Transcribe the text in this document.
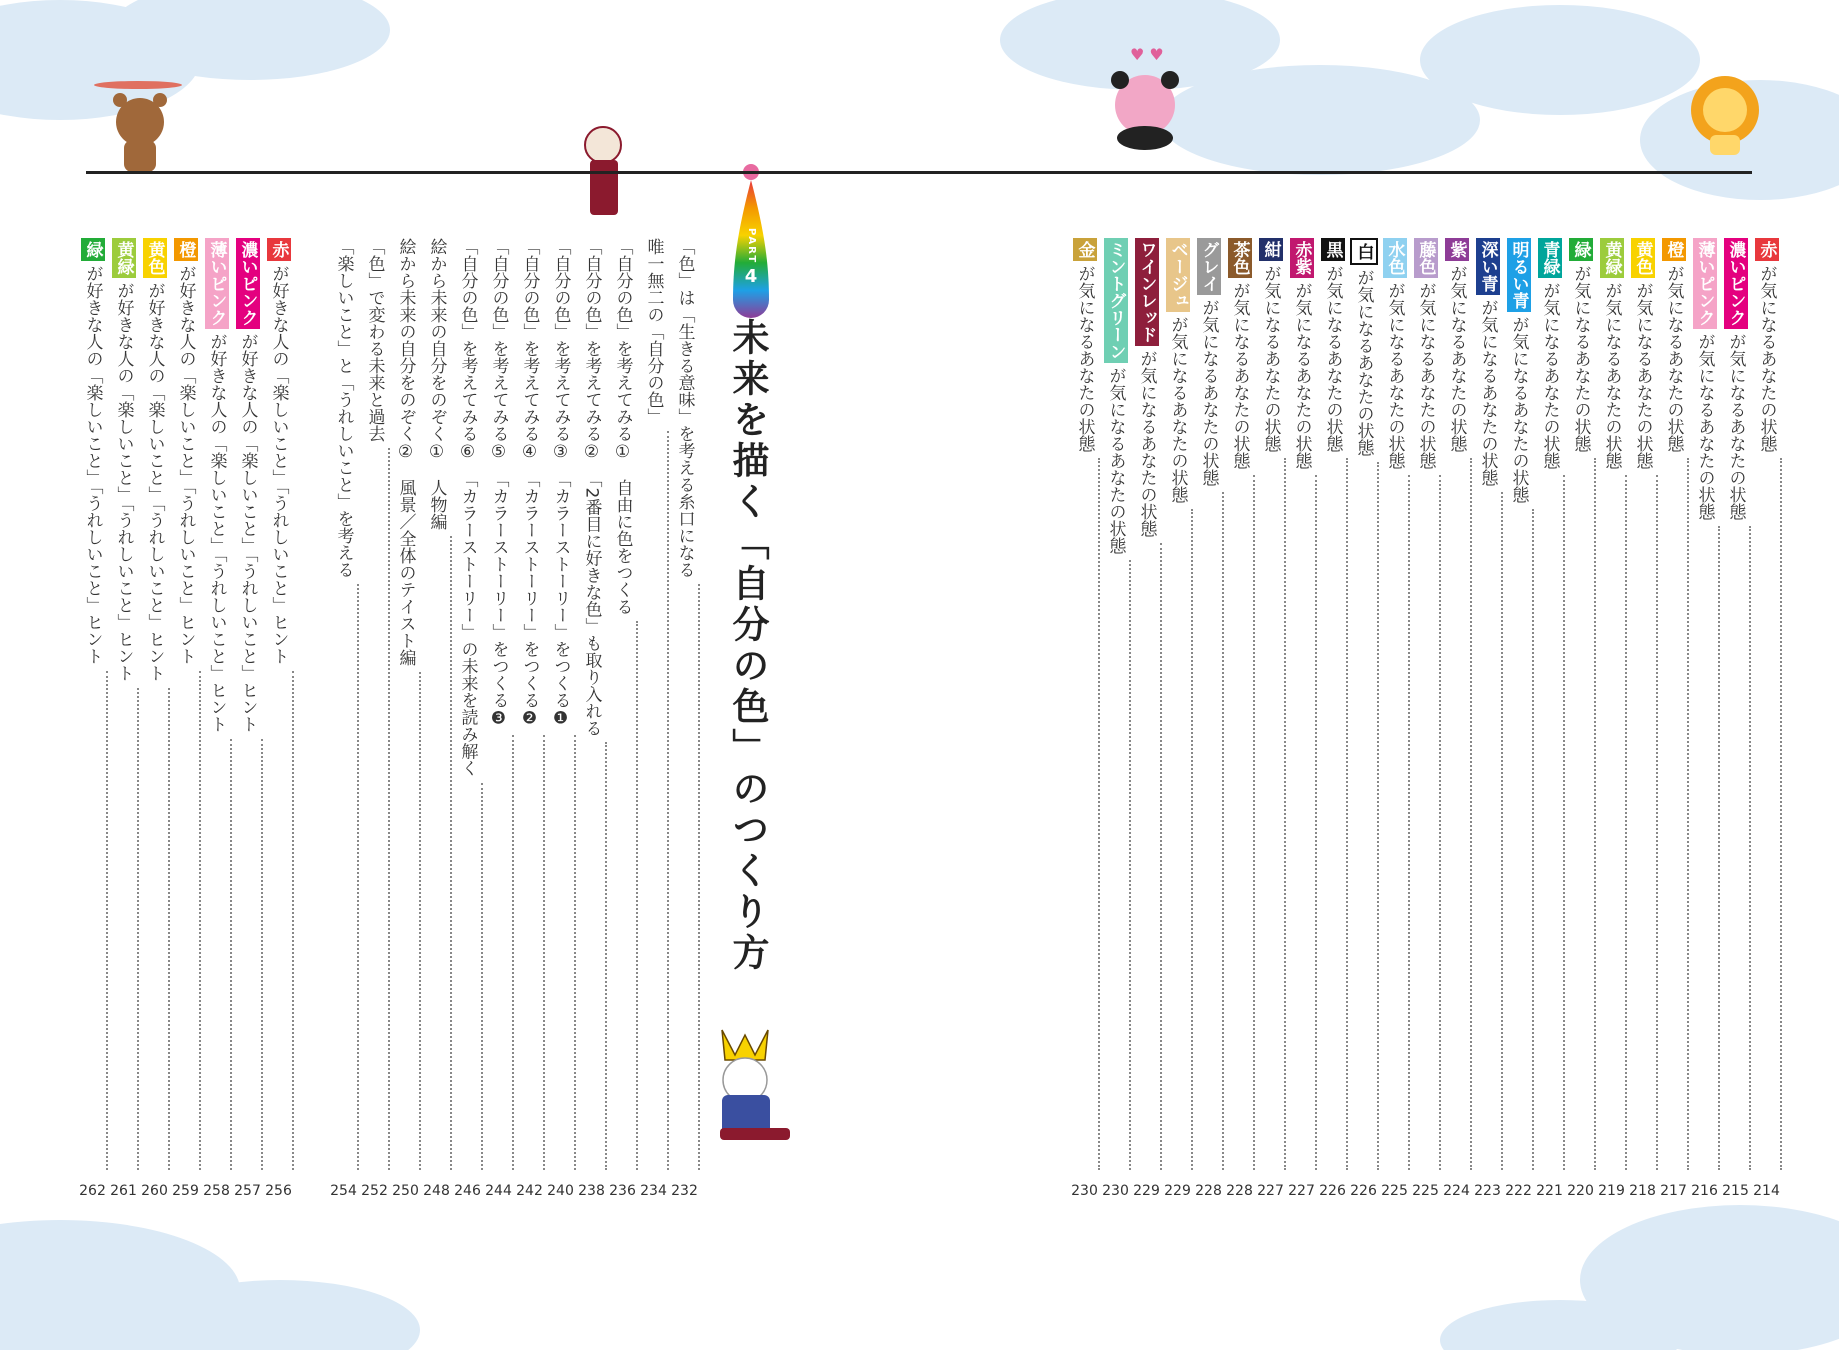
♥ ♥
PART
4
未来を描く「自分の色」のつくり方
赤
が気になるあなたの状態
214
濃いピンク
が気になるあなたの状態
215
薄いピンク
が気になるあなたの状態
216
橙
が気になるあなたの状態
217
黄色
が気になるあなたの状態
218
黄緑
が気になるあなたの状態
219
緑
が気になるあなたの状態
220
青緑
が気になるあなたの状態
221
明るい青
が気になるあなたの状態
222
深い青
が気になるあなたの状態
223
紫
が気になるあなたの状態
224
藤色
が気になるあなたの状態
225
水色
が気になるあなたの状態
225
白
が気になるあなたの状態
226
黒
が気になるあなたの状態
226
赤紫
が気になるあなたの状態
227
紺
が気になるあなたの状態
227
茶色
が気になるあなたの状態
228
グレイ
が気になるあなたの状態
228
ベージュ
が気になるあなたの状態
229
ワインレッド
が気になるあなたの状態
229
ミントグリーン
が気になるあなたの状態
230
金
が気になるあなたの状態
230
「色」は「生きる意味」を考える糸口になる
232
唯一無二の「自分の色」
234
「自分の色」を考えてみる①　自由に色をつくる
236
「自分の色」を考えてみる②　「2番目に好きな色」も取り入れる
238
「自分の色」を考えてみる③　「カラーストーリー」をつくる❶
240
「自分の色」を考えてみる④　「カラーストーリー」をつくる❷
242
「自分の色」を考えてみる⑤　「カラーストーリー」をつくる❸
244
「自分の色」を考えてみる⑥　「カラーストーリー」の未来を読み解く
246
絵から未来の自分をのぞく①　人物編
248
絵から未来の自分をのぞく②　風景／全体のテイスト編
250
「色」で変わる未来と過去
252
「楽しいこと」と「うれしいこと」を考える
254
赤
が好きな人の「楽しいこと」「うれしいこと」ヒント
256
濃いピンク
が好きな人の「楽しいこと」「うれしいこと」ヒント
257
薄いピンク
が好きな人の「楽しいこと」「うれしいこと」ヒント
258
橙
が好きな人の「楽しいこと」「うれしいこと」ヒント
259
黄色
が好きな人の「楽しいこと」「うれしいこと」ヒント
260
黄緑
が好きな人の「楽しいこと」「うれしいこと」ヒント
261
緑
が好きな人の「楽しいこと」「うれしいこと」ヒント
262
